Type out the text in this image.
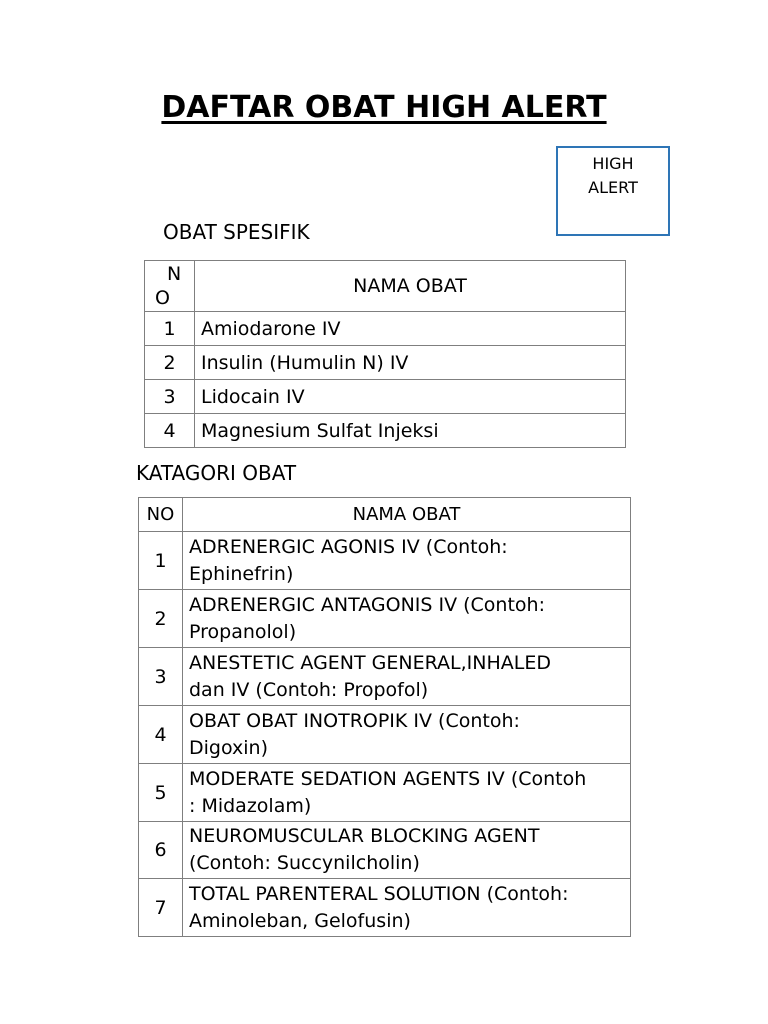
DAFTAR OBAT HIGH ALERT
HIGH
ALERT
OBAT SPESIFIK
N
O	NAMA OBAT
1	Amiodarone IV
2	Insulin (Humulin N) IV
3	Lidocain IV
4	Magnesium Sulfat Injeksi
KATAGORI OBAT
NO	NAMA OBAT
1	ADRENERGIC AGONIS IV (Contoh:
Ephinefrin)
2	ADRENERGIC ANTAGONIS IV (Contoh:
Propanolol)
3	ANESTETIC AGENT GENERAL,INHALED
dan IV (Contoh: Propofol)
4	OBAT OBAT INOTROPIK IV (Contoh:
Digoxin)
5	MODERATE SEDATION AGENTS IV (Contoh
: Midazolam)
6	NEUROMUSCULAR BLOCKING AGENT
(Contoh: Succynilcholin)
7	TOTAL PARENTERAL SOLUTION (Contoh:
Aminoleban, Gelofusin)
